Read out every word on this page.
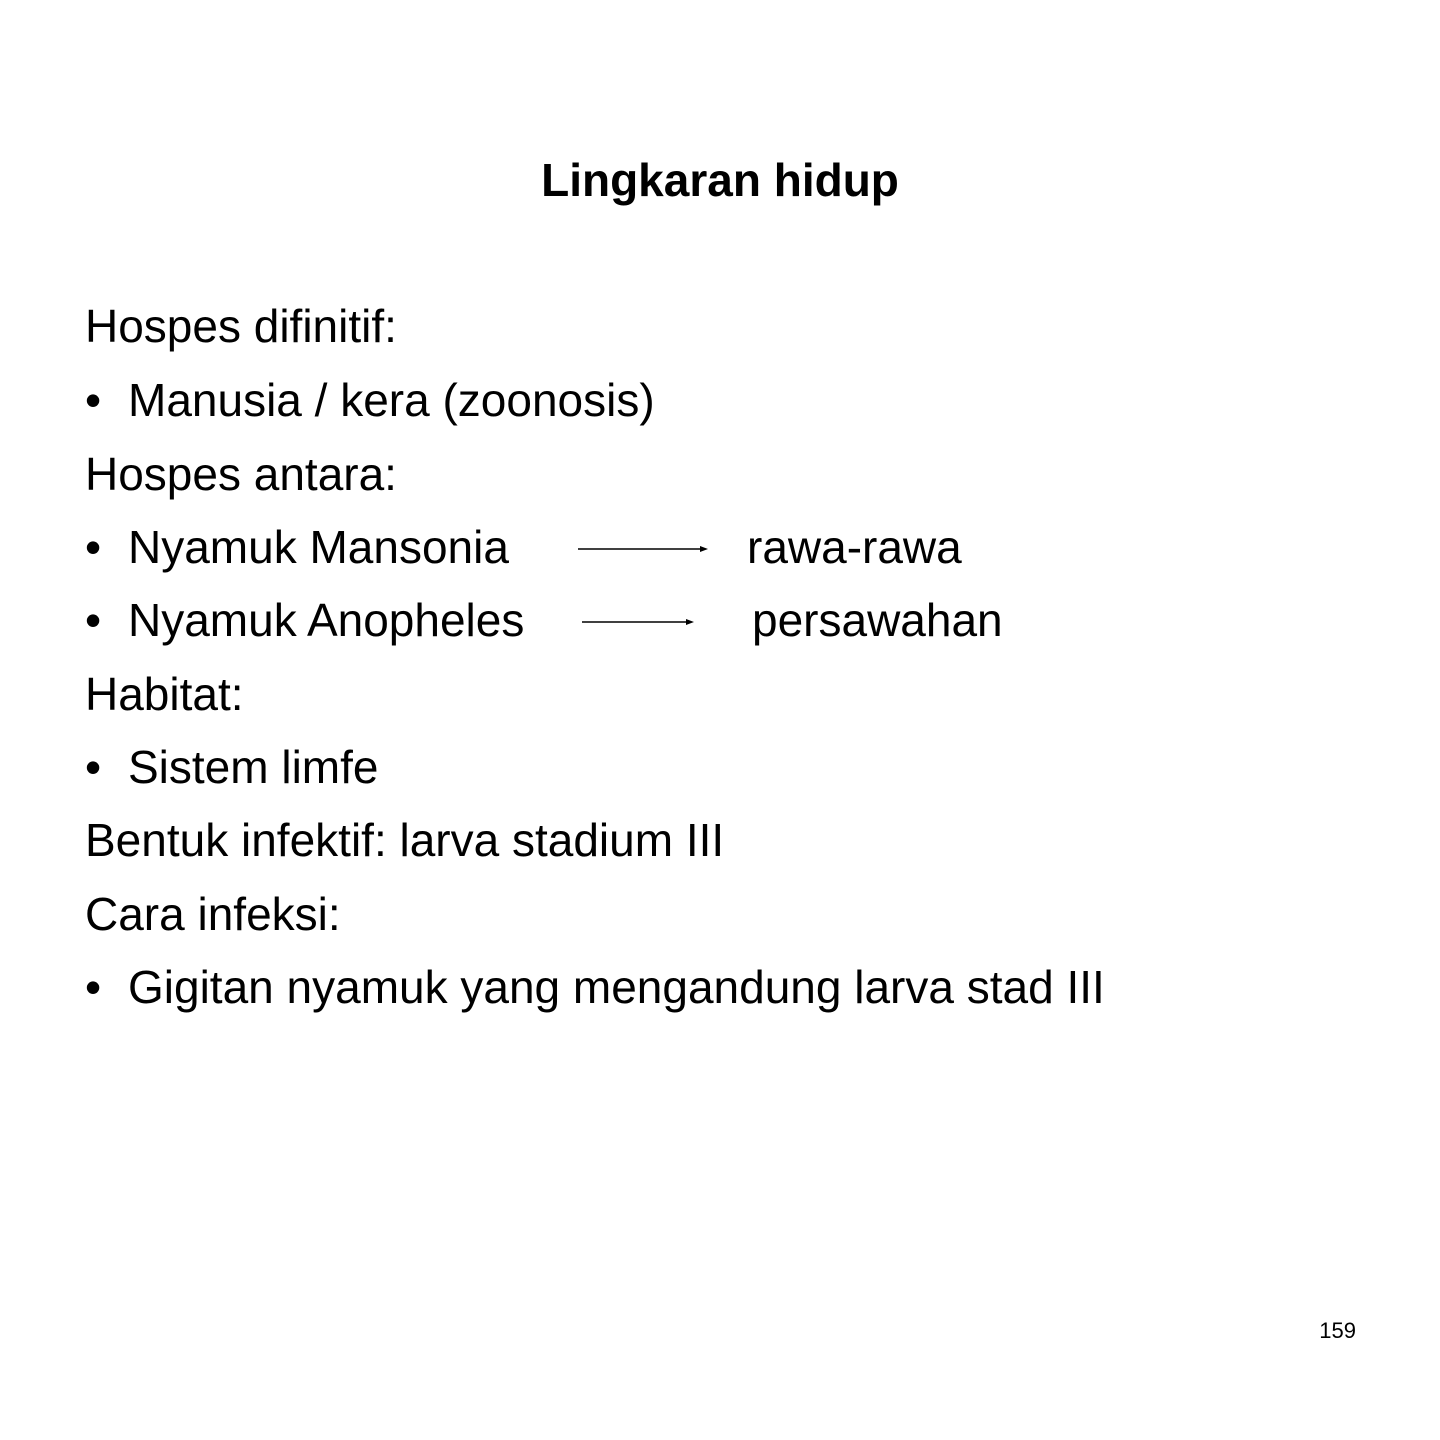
Lingkaran hidup
Hospes difinitif:
• Manusia / kera (zoonosis)
Hospes antara:
• Nyamuk Mansonia	rawa-rawa
• Nyamuk Anopheles	persawahan
Habitat:
• Sistem limfe
Bentuk infektif: larva stadium III
Cara infeksi:
• Gigitan nyamuk yang mengandung larva stad III
159
